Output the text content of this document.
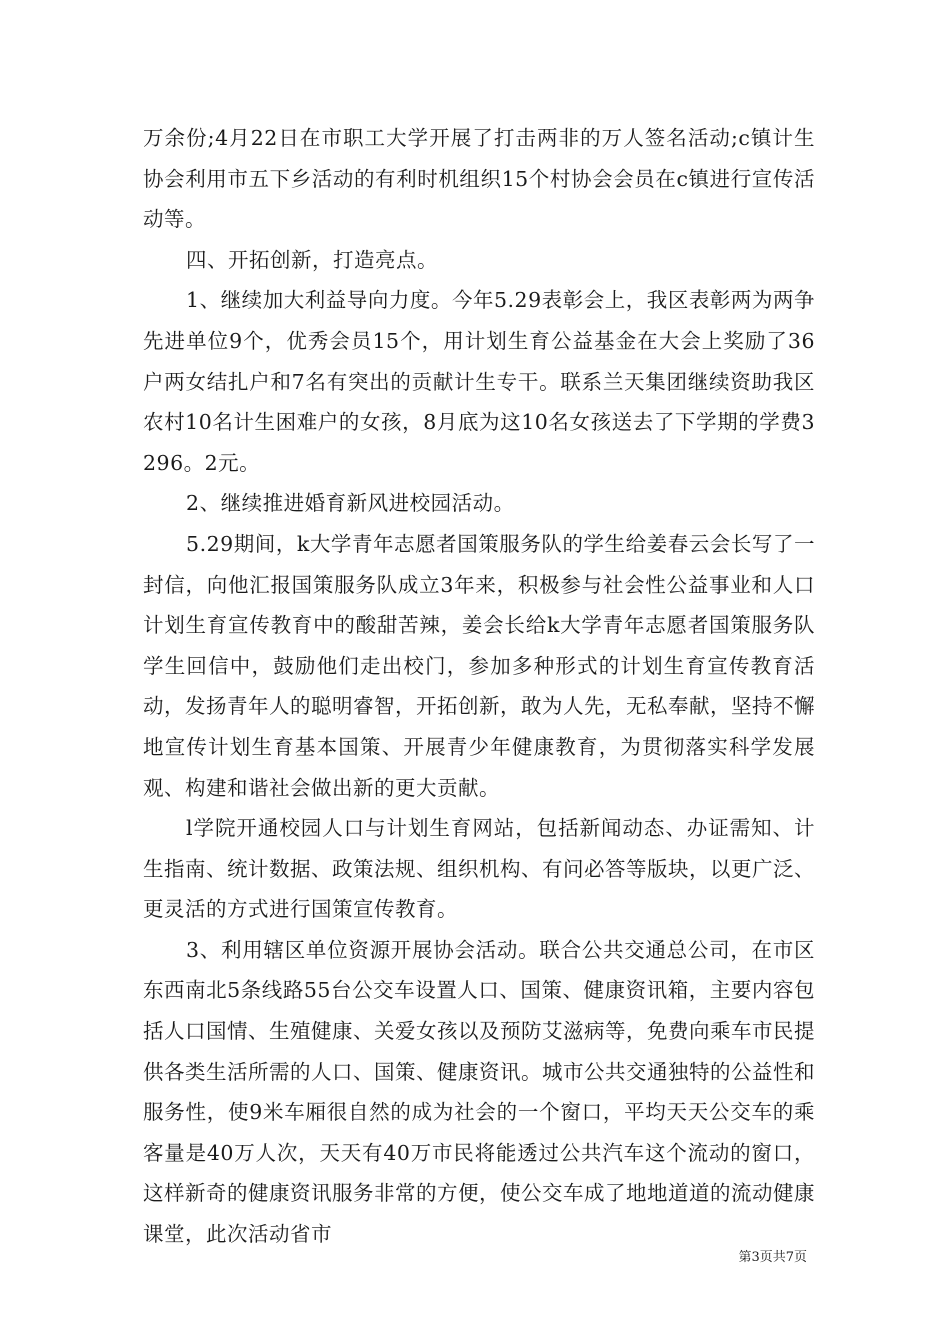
万余份;4月22日在市职工大学开展了打击两非的万人签名活动;c镇计生协会利用市五下乡活动的有利时机组织15个村协会会员在c镇进行宣传活动等。

四、开拓创新，打造亮点。

1、继续加大利益导向力度。今年5.29表彰会上，我区表彰两为两争先进单位9个，优秀会员15个，用计划生育公益基金在大会上奖励了36户两女结扎户和7名有突出的贡献计生专干。联系兰天集团继续资助我区农村10名计生困难户的女孩，8月底为这10名女孩送去了下学期的学费3296。2元。

2、继续推进婚育新风进校园活动。

5.29期间，k大学青年志愿者国策服务队的学生给姜春云会长写了一封信，向他汇报国策服务队成立3年来，积极参与社会性公益事业和人口计划生育宣传教育中的酸甜苦辣，姜会长给k大学青年志愿者国策服务队学生回信中，鼓励他们走出校门，参加多种形式的计划生育宣传教育活动，发扬青年人的聪明睿智，开拓创新，敢为人先，无私奉献，坚持不懈地宣传计划生育基本国策、开展青少年健康教育，为贯彻落实科学发展观、构建和谐社会做出新的更大贡献。

l学院开通校园人口与计划生育网站，包括新闻动态、办证需知、计生指南、统计数据、政策法规、组织机构、有问必答等版块，以更广泛、更灵活的方式进行国策宣传教育。

3、利用辖区单位资源开展协会活动。联合公共交通总公司，在市区东西南北5条线路55台公交车设置人口、国策、健康资讯箱，主要内容包括人口国情、生殖健康、关爱女孩以及预防艾滋病等，免费向乘车市民提供各类生活所需的人口、国策、健康资讯。城市公共交通独特的公益性和服务性，使9米车厢很自然的成为社会的一个窗口，平均天天公交车的乘客量是40万人次，天天有40万市民将能透过公共汽车这个流动的窗口，这样新奇的健康资讯服务非常的方便，使公交车成了地地道道的流动健康课堂，此次活动省市

第3页共7页
